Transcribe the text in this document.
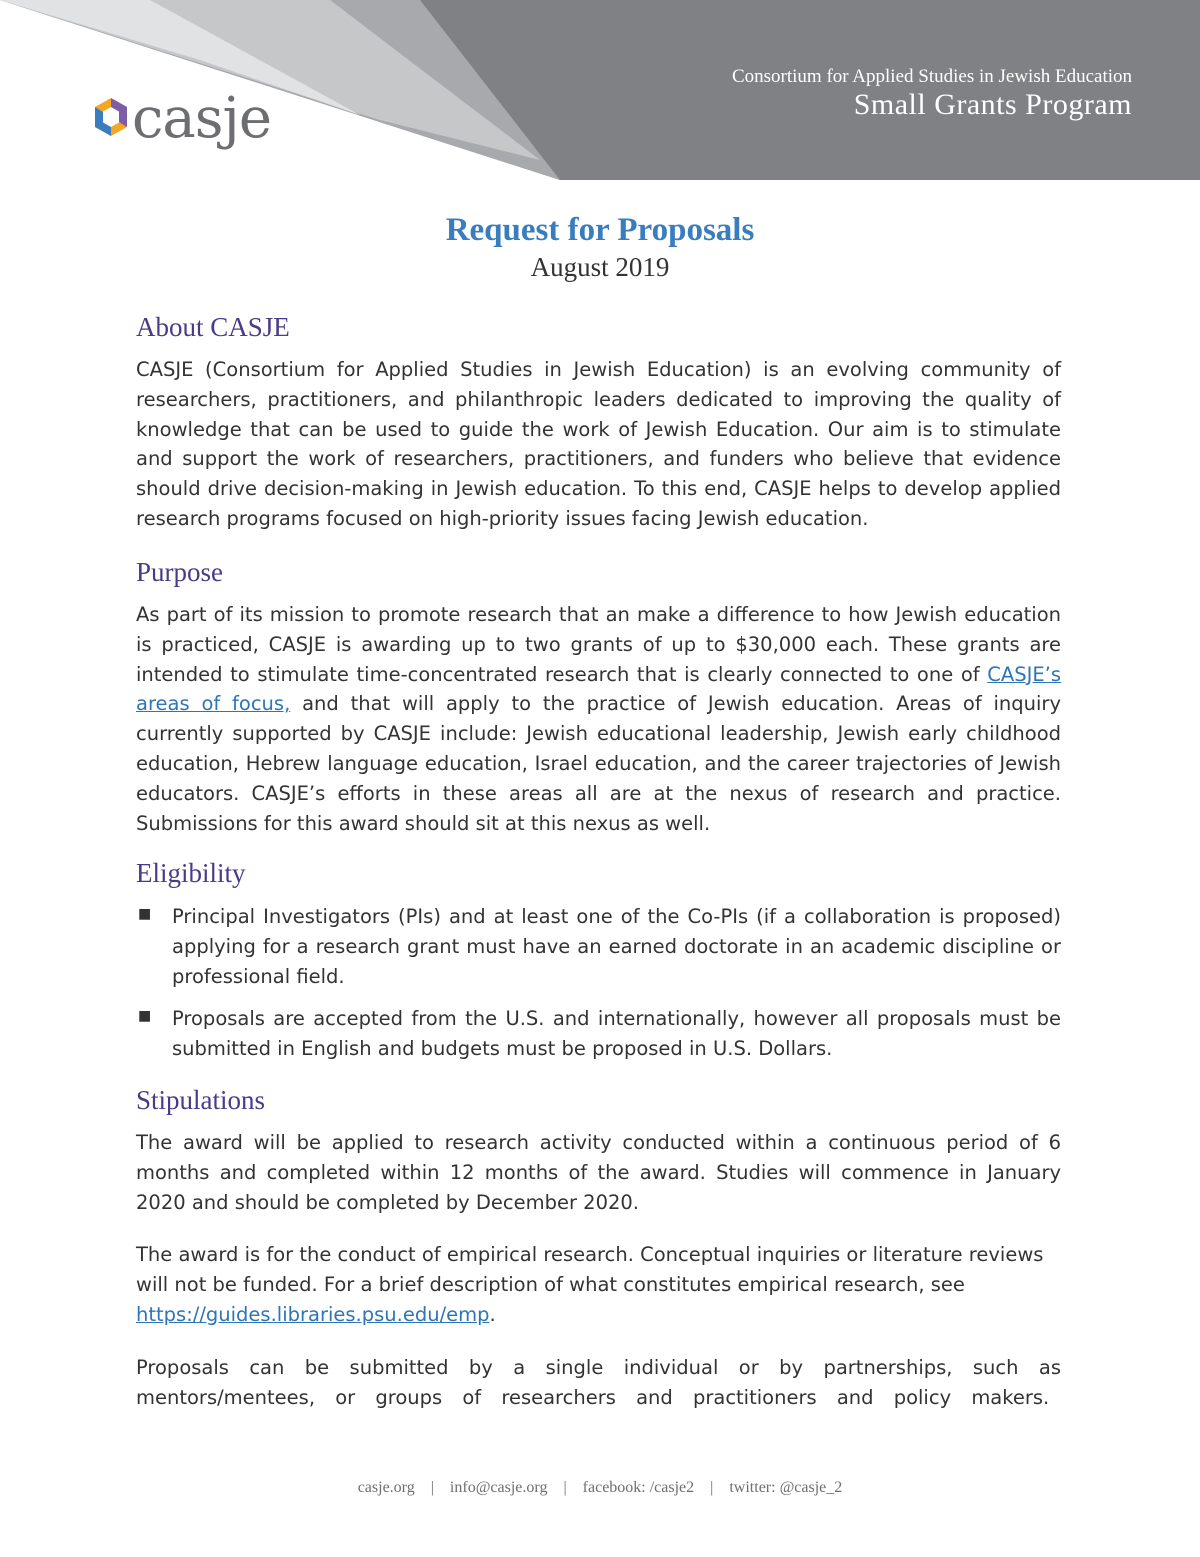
casje
Consortium for Applied Studies in Jewish Education
Small Grants Program
Request for Proposals
August 2019
About CASJE

CASJE (Consortium for Applied Studies in Jewish Education) is an evolving community of researchers, practitioners, and philanthropic leaders dedicated to improving the quality of knowledge that can be used to guide the work of Jewish Education. Our aim is to stimulate and support the work of researchers, practitioners, and funders who believe that evidence should drive decision-making in Jewish education. To this end, CASJE helps to develop applied research programs focused on high-priority issues facing Jewish education.

Purpose

As part of its mission to promote research that an make a difference to how Jewish education is practiced, CASJE is awarding up to two grants of up to $30,000 each. These grants are intended to stimulate time-concentrated research that is clearly connected to one of CASJE’s areas of focus, and that will apply to the practice of Jewish education. Areas of inquiry currently supported by CASJE include: Jewish educational leadership, Jewish early childhood education, Hebrew language education, Israel education, and the career trajectories of Jewish educators. CASJE’s efforts in these areas all are at the nexus of research and practice. Submissions for this award should sit at this nexus as well.

Eligibility
■ Principal Investigators (PIs) and at least one of the Co-PIs (if a collaboration is proposed) applying for a research grant must have an earned doctorate in an academic discipline or professional field.

■ Proposals are accepted from the U.S. and internationally, however all proposals must be submitted in English and budgets must be proposed in U.S. Dollars.

Stipulations

The award will be applied to research activity conducted within a continuous period of 6 months and completed within 12 months of the award. Studies will commence in January 2020 and should be completed by December 2020.

The award is for the conduct of empirical research. Conceptual inquiries or literature reviews will not be funded. For a brief description of what constitutes empirical research, see https://guides.libraries.psu.edu/emp.

Proposals can be submitted by a single individual or by partnerships, such as mentors/mentees, or groups of researchers and practitioners and policy makers.

casje.org | info@casje.org | facebook: /casje2 | twitter: @casje_2
